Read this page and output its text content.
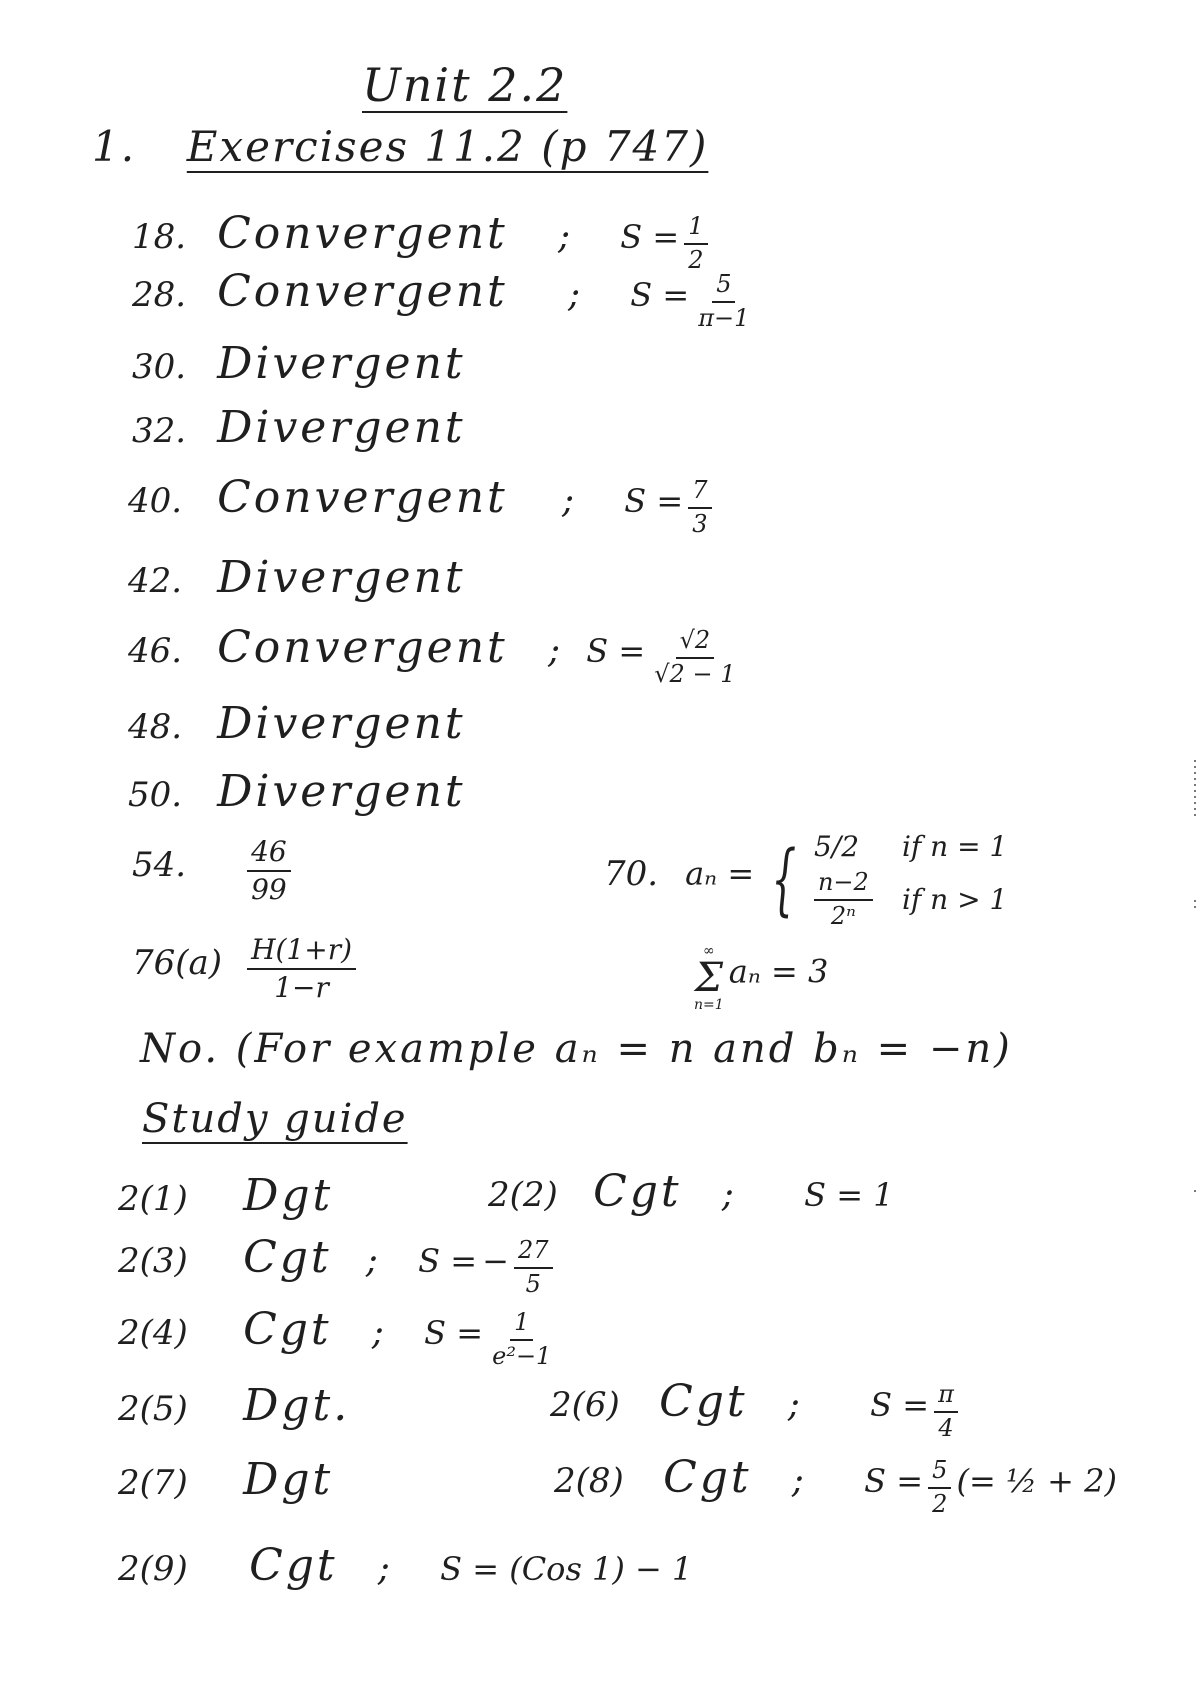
Unit 2.2
1. Exercises 11.2 (p 747)
18. Convergent ; $S = \frac{1}{2}$
28. Convergent ; $S = \frac{5}{\pi-1}$
30. Divergent
32. Divergent
40. Convergent ; $S = \frac{7}{3}$
42. Divergent
46. Convergent ; $S = \frac{√2}{√2 - 1}$
48. Divergent
50. Divergent
54. $\frac{46}{99}$	70. aₙ = { 5/2	if n = 1
$\frac{n-2}{\text{2ⁿ}}$ if n > 1
$76(a) \frac{H(1+r)}{1-r}$	∞
Σ
n=1
aₙ = 3
No. (For example aₙ = n and bₙ = −n)
Study guide
2(1) Dgt	2(2) Cgt ; S = 1
2(3) Cgt ; S = − $\frac{27}{5}$
2(4) Cgt ; $S = \frac{1}{\text{e²−1}}$
2(5) Dgt.	2(6) Cgt ; $S = \frac{\pi}{4}$
2(7) Dgt	2(8) Cgt ; $S = \frac{5}{2}$ (= ½ + 2)
2(9) Cgt ; S = (Cos 1) − 1
